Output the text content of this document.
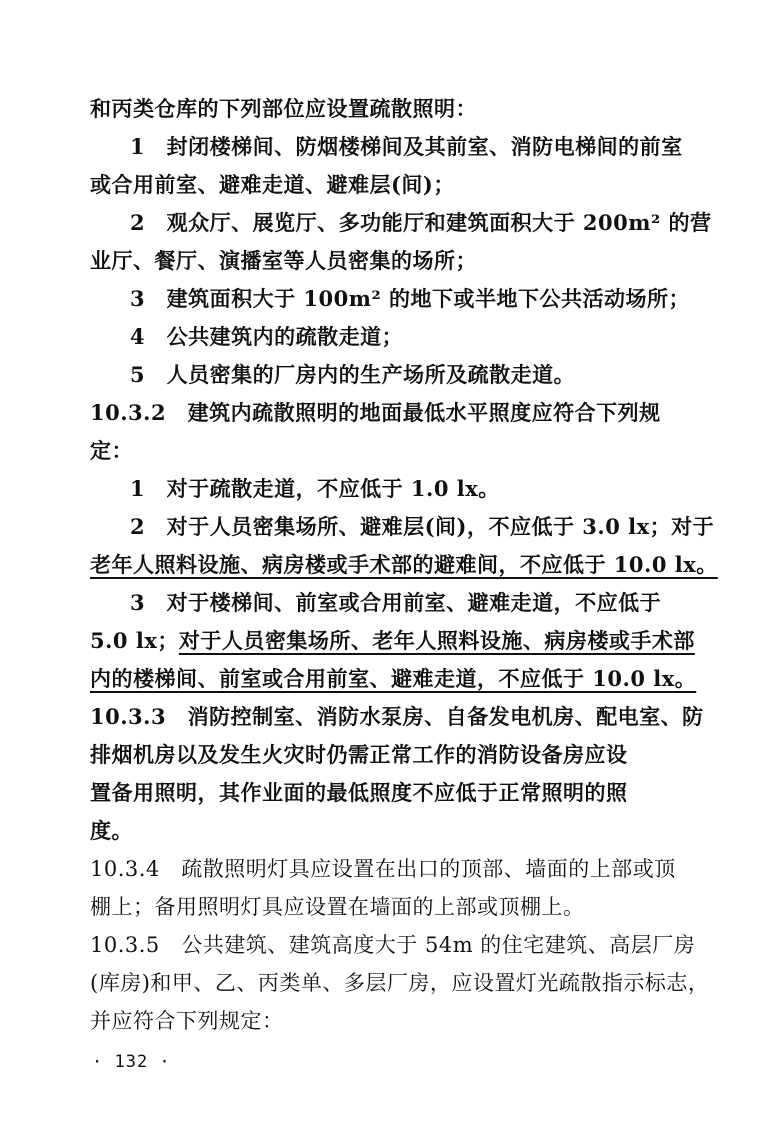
和丙类仓库的下列部位应设置疏散照明：
1　封闭楼梯间、防烟楼梯间及其前室、消防电梯间的前室
或合用前室、避难走道、避难层(间)；
2　观众厅、展览厅、多功能厅和建筑面积大于 200m² 的营
业厅、餐厅、演播室等人员密集的场所；
3　建筑面积大于 100m² 的地下或半地下公共活动场所；
4　公共建筑内的疏散走道；
5　人员密集的厂房内的生产场所及疏散走道。
10.3.2　建筑内疏散照明的地面最低水平照度应符合下列规
定：
1　对于疏散走道，不应低于 1.0 lx。
2　对于人员密集场所、避难层(间)，不应低于 3.0 lx；对于
老年人照料设施、病房楼或手术部的避难间，不应低于 10.0 lx。
3　对于楼梯间、前室或合用前室、避难走道，不应低于
5.0 lx；对于人员密集场所、老年人照料设施、病房楼或手术部
内的楼梯间、前室或合用前室、避难走道，不应低于 10.0 lx。
10.3.3　消防控制室、消防水泵房、自备发电机房、配电室、防
排烟机房以及发生火灾时仍需正常工作的消防设备房应设
置备用照明，其作业面的最低照度不应低于正常照明的照
度。
10.3.4　疏散照明灯具应设置在出口的顶部、墙面的上部或顶
棚上；备用照明灯具应设置在墙面的上部或顶棚上。
10.3.5　公共建筑、建筑高度大于 54m 的住宅建筑、高层厂房
(库房)和甲、乙、丙类单、多层厂房，应设置灯光疏散指示标志，
并应符合下列规定：
· 132 ·
